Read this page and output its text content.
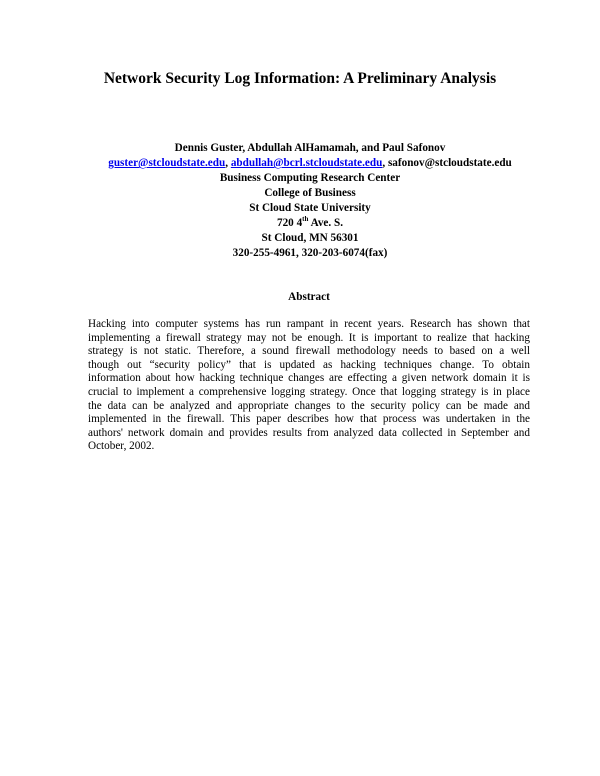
Network Security Log Information: A Preliminary Analysis
Dennis Guster, Abdullah AlHamamah, and Paul Safonov
guster@stcloudstate.edu, abdullah@bcrl.stcloudstate.edu, safonov@stcloudstate.edu
Business Computing Research Center
College of Business
St Cloud State University
720 4th Ave. S.
St Cloud, MN 56301
320-255-4961, 320-203-6074(fax)
Abstract
Hacking into computer systems has run rampant in recent years. Research has shown that
implementing a firewall strategy may not be enough. It is important to realize that hacking
strategy is not static. Therefore, a sound firewall methodology needs to based on a well
though out “security policy” that is updated as hacking techniques change. To obtain
information about how hacking technique changes are effecting a given network domain it is
crucial to implement a comprehensive logging strategy. Once that logging strategy is in place
the data can be analyzed and appropriate changes to the security policy can be made and
implemented in the firewall. This paper describes how that process was undertaken in the
authors' network domain and provides results from analyzed data collected in September and
October, 2002.
